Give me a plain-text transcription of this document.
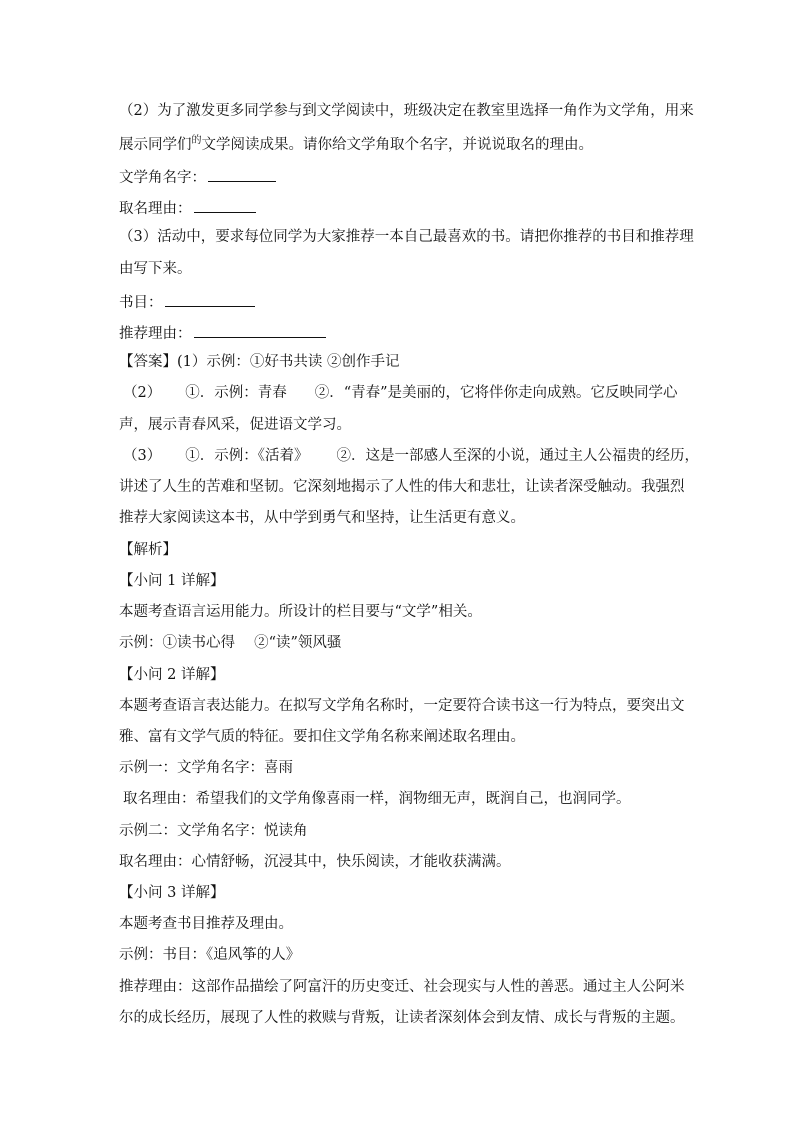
（2）为了激发更多同学参与到文学阅读中，班级决定在教室里选择一角作为文学角，用来
展示同学们$^的$文学阅读成果。请你给文学角取个名字，并说说取名的理由。
文学角名字：
取名理由：
（3）活动中，要求每位同学为大家推荐一本自己最喜欢的书。请把你推荐的书目和推荐理
由写下来。
书目：
推荐理由：
【答案】(1）示例：①好书共读 ②创作手记
（2） ①．示例：青春 ②．“青春”是美丽的，它将伴你走向成熟。它反映同学心
声，展示青春风采，促进语文学习。
（3） ①．示例：《活着》 ②．这是一部感人至深的小说，通过主人公福贵的经历，
讲述了人生的苦难和坚韧。它深刻地揭示了人性的伟大和悲壮，让读者深受触动。我强烈
推荐大家阅读这本书，从中学到勇气和坚持，让生活更有意义。
【解析】
【小问 1 详解】
本题考查语言运用能力。所设计的栏目要与“文学”相关。
示例：①读书心得　 ②“读”领风骚
【小问 2 详解】
本题考查语言表达能力。在拟写文学角名称时，一定要符合读书这一行为特点，要突出文
雅、富有文学气质的特征。要扣住文学角名称来阐述取名理由。
示例一：文学角名字：喜雨
取名理由：希望我们的文学角像喜雨一样，润物细无声，既润自己，也润同学。
示例二：文学角名字：悦读角
取名理由：心情舒畅，沉浸其中，快乐阅读，才能收获满满。
【小问 3 详解】
本题考查书目推荐及理由。
示例：书目：《追风筝的人》
推荐理由：这部作品描绘了阿富汗的历史变迁、社会现实与人性的善恶。通过主人公阿米
尔的成长经历，展现了人性的救赎与背叛，让读者深刻体会到友情、成长与背叛的主题。
